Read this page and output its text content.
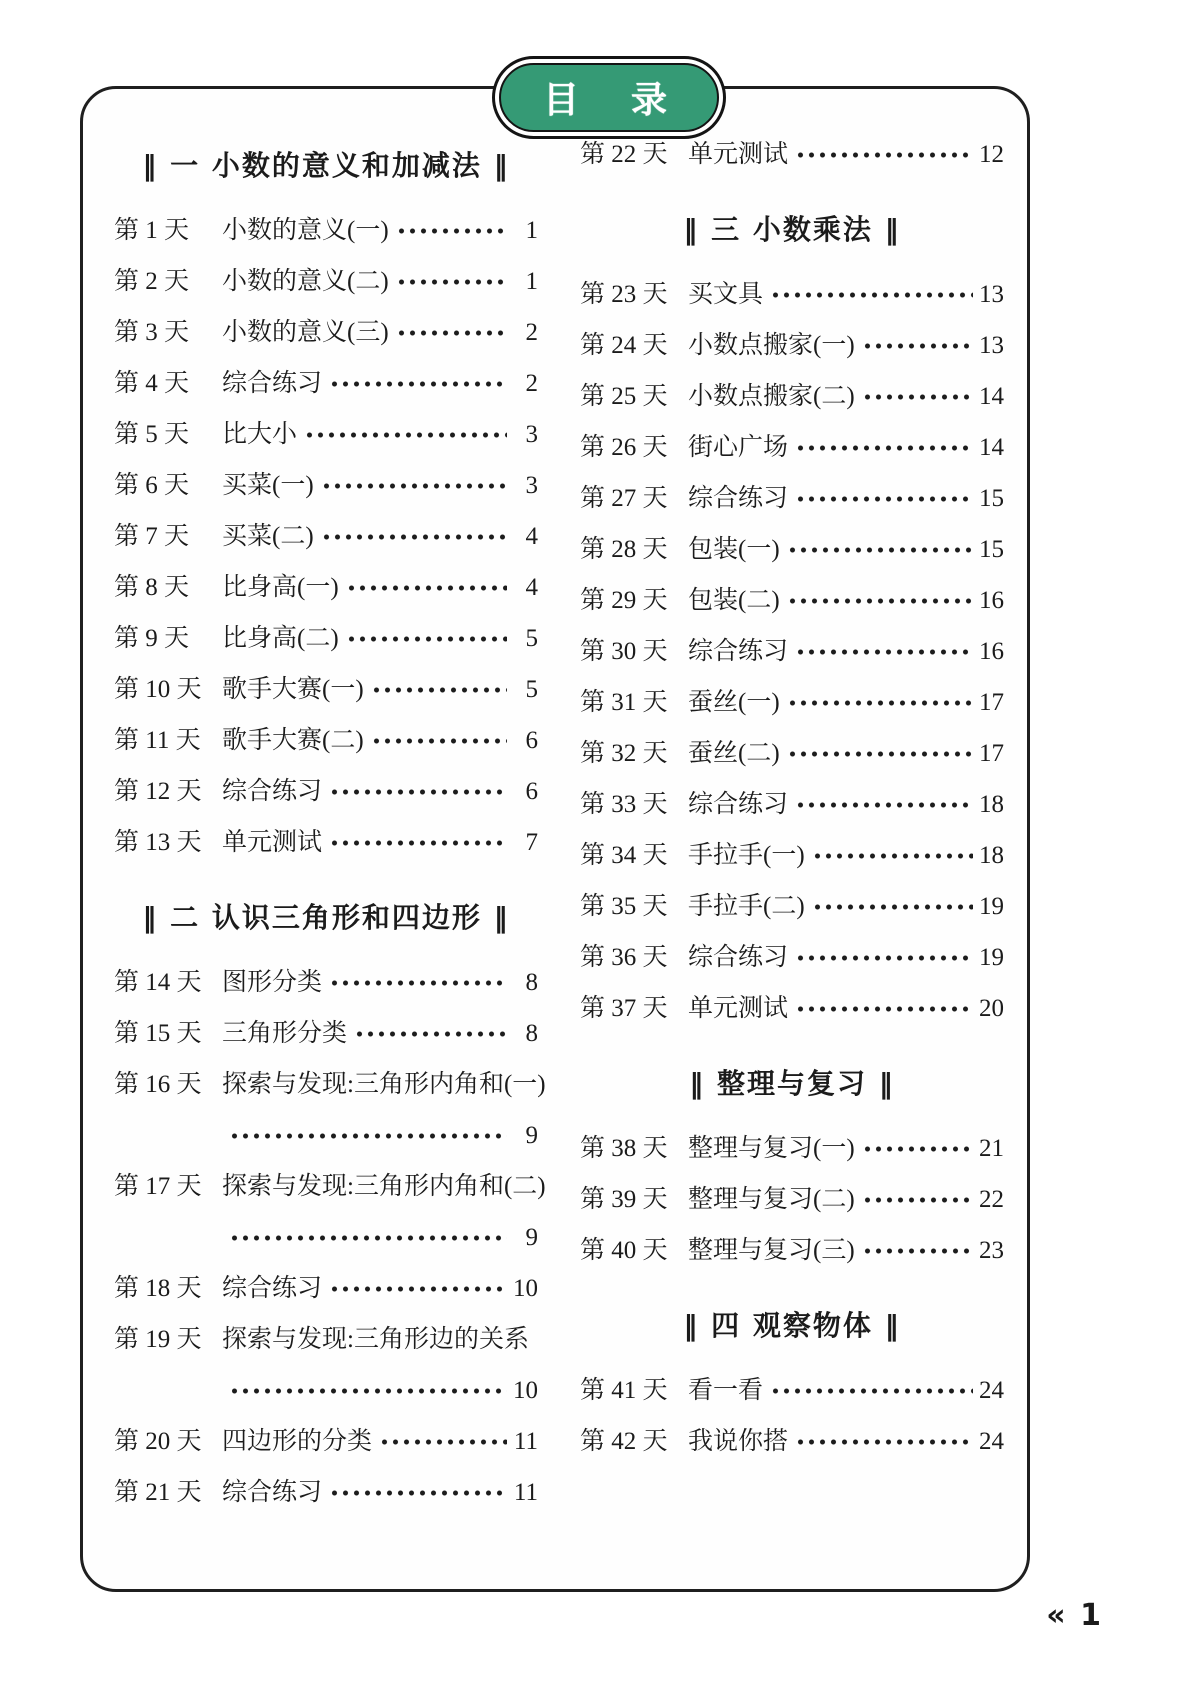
目　录
‖ 一 小数的意义和加减法 ‖
第 1 天	小数的意义(一)	1
第 2 天	小数的意义(二)	1
第 3 天	小数的意义(三)	2
第 4 天	综合练习	2
第 5 天	比大小	3
第 6 天	买菜(一)	3
第 7 天	买菜(二)	4
第 8 天	比身高(一)	4
第 9 天	比身高(二)	5
第 10 天 歌手大赛(一)	5
第 11 天 歌手大赛(二)	6
第 12 天 综合练习	6
第 13 天 单元测试	7
‖ 二 认识三角形和四边形 ‖
第 14 天 图形分类	8
第 15 天 三角形分类	8
第 16 天 探索与发现:三角形内角和(一)
9
第 17 天 探索与发现:三角形内角和(二)
9
第 18 天 综合练习	10
第 19 天 探索与发现:三角形边的关系
10
第 20 天 四边形的分类	11
第 21 天 综合练习	11
第 22 天 单元测试	12
‖ 三 小数乘法 ‖
第 23 天 买文具	13
第 24 天 小数点搬家(一)	13
第 25 天 小数点搬家(二)	14
第 26 天 街心广场	14
第 27 天 综合练习	15
第 28 天 包装(一)	15
第 29 天 包装(二)	16
第 30 天 综合练习	16
第 31 天 蚕丝(一)	17
第 32 天 蚕丝(二)	17
第 33 天 综合练习	18
第 34 天 手拉手(一)	18
第 35 天 手拉手(二)	19
第 36 天 综合练习	19
第 37 天 单元测试	20
‖ 整理与复习 ‖
第 38 天 整理与复习(一)	21
第 39 天 整理与复习(二)	22
第 40 天 整理与复习(三)	23
‖ 四 观察物体 ‖
第 41 天 看一看	24
第 42 天 我说你搭	24
« 1
